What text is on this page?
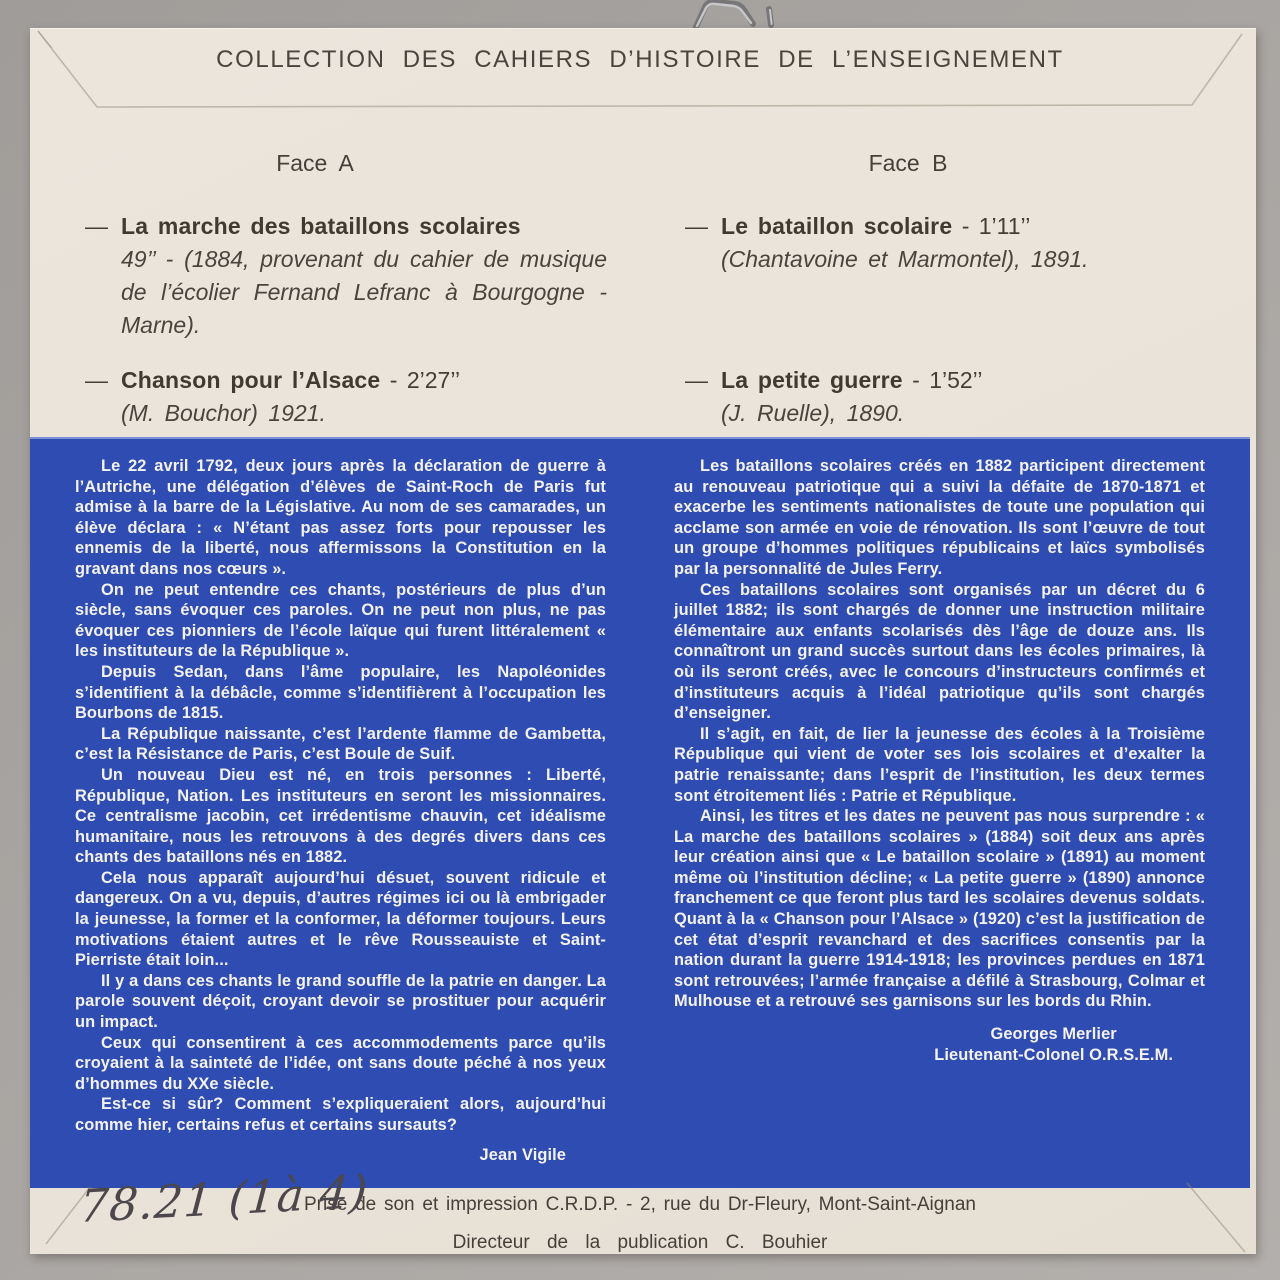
COLLECTION DES CAHIERS D’HISTOIRE DE L’ENSEIGNEMENT
Face A	Face B
— La marche des bataillons scolaires
49’’ - (1884, provenant du cahier de musique de l’écolier Fernand Lefranc à Bourgogne - Marne).
— Chanson pour l’Alsace - 2’27’’
(M. Bouchor) 1921.
— Le bataillon scolaire - 1’11’’
(Chantavoine et Marmontel), 1891.
— La petite guerre - 1’52’’
(J. Ruelle), 1890.

Le 22 avril 1792, deux jours après la déclaration de guerre à l’Autriche, une délégation d’élèves de Saint-Roch de Paris fut admise à la barre de la Législative. Au nom de ses camarades, un élève déclara : « N’étant pas assez forts pour repousser les ennemis de la liberté, nous affermissons la Constitution en la gravant dans nos cœurs ».

On ne peut entendre ces chants, postérieurs de plus d’un siècle, sans évoquer ces paroles. On ne peut non plus, ne pas évoquer ces pionniers de l’école laïque qui furent littéralement « les instituteurs de la République ».

Depuis Sedan, dans l’âme populaire, les Napoléonides s’identifient à la débâcle, comme s’identifièrent à l’occupation les Bourbons de 1815.

La République naissante, c’est l’ardente flamme de Gambetta, c’est la Résistance de Paris, c’est Boule de Suif.

Un nouveau Dieu est né, en trois personnes : Liberté, République, Nation. Les instituteurs en seront les missionnaires. Ce centralisme jacobin, cet irrédentisme chauvin, cet idéalisme humanitaire, nous les retrouvons à des degrés divers dans ces chants des bataillons nés en 1882.

Cela nous apparaît aujourd’hui désuet, souvent ridicule et dangereux. On a vu, depuis, d’autres régimes ici ou là embrigader la jeunesse, la former et la conformer, la déformer toujours. Leurs motivations étaient autres et le rêve Rousseauiste et Saint-Pierriste était loin...

Il y a dans ces chants le grand souffle de la patrie en danger. La parole souvent déçoit, croyant devoir se prostituer pour acquérir un impact.

Ceux qui consentirent à ces accommodements parce qu’ils croyaient à la sainteté de l’idée, ont sans doute péché à nos yeux d’hommes du XXe siècle.

Est-ce si sûr? Comment s’expliqueraient alors, aujourd’hui comme hier, certains refus et certains sursauts?

Jean Vigile

Les bataillons scolaires créés en 1882 participent directement au renouveau patriotique qui a suivi la défaite de 1870-1871 et exacerbe les sentiments nationalistes de toute une population qui acclame son armée en voie de rénovation. Ils sont l’œuvre de tout un groupe d’hommes politiques républicains et laïcs symbolisés par la personnalité de Jules Ferry.

Ces bataillons scolaires sont organisés par un décret du 6 juillet 1882; ils sont chargés de donner une instruction militaire élémentaire aux enfants scolarisés dès l’âge de douze ans. Ils connaîtront un grand succès surtout dans les écoles primaires, là où ils seront créés, avec le concours d’instructeurs confirmés et d’instituteurs acquis à l’idéal patriotique qu’ils sont chargés d’enseigner.

Il s’agit, en fait, de lier la jeunesse des écoles à la Troisième République qui vient de voter ses lois scolaires et d’exalter la patrie renaissante; dans l’esprit de l’institution, les deux termes sont étroitement liés : Patrie et République.

Ainsi, les titres et les dates ne peuvent pas nous surprendre : « La marche des bataillons scolaires » (1884) soit deux ans après leur création ainsi que « Le bataillon scolaire » (1891) au moment même où l’institution décline; « La petite guerre » (1890) annonce franchement ce que feront plus tard les scolaires devenus soldats. Quant à la « Chanson pour l’Alsace » (1920) c’est la justification de cet état d’esprit revanchard et des sacrifices consentis par la nation durant la guerre 1914-1918; les provinces perdues en 1871 sont retrouvées; l’armée française a défilé à Strasbourg, Colmar et Mulhouse et a retrouvé ses garnisons sur les bords du Rhin.

Georges Merlier
Lieutenant-Colonel O.R.S.E.M.
Prise de son et impression C.R.D.P. - 2, rue du Dr-Fleury, Mont-Saint-Aignan
Directeur de la publication C. Bouhier
78.21 (1à 4)
